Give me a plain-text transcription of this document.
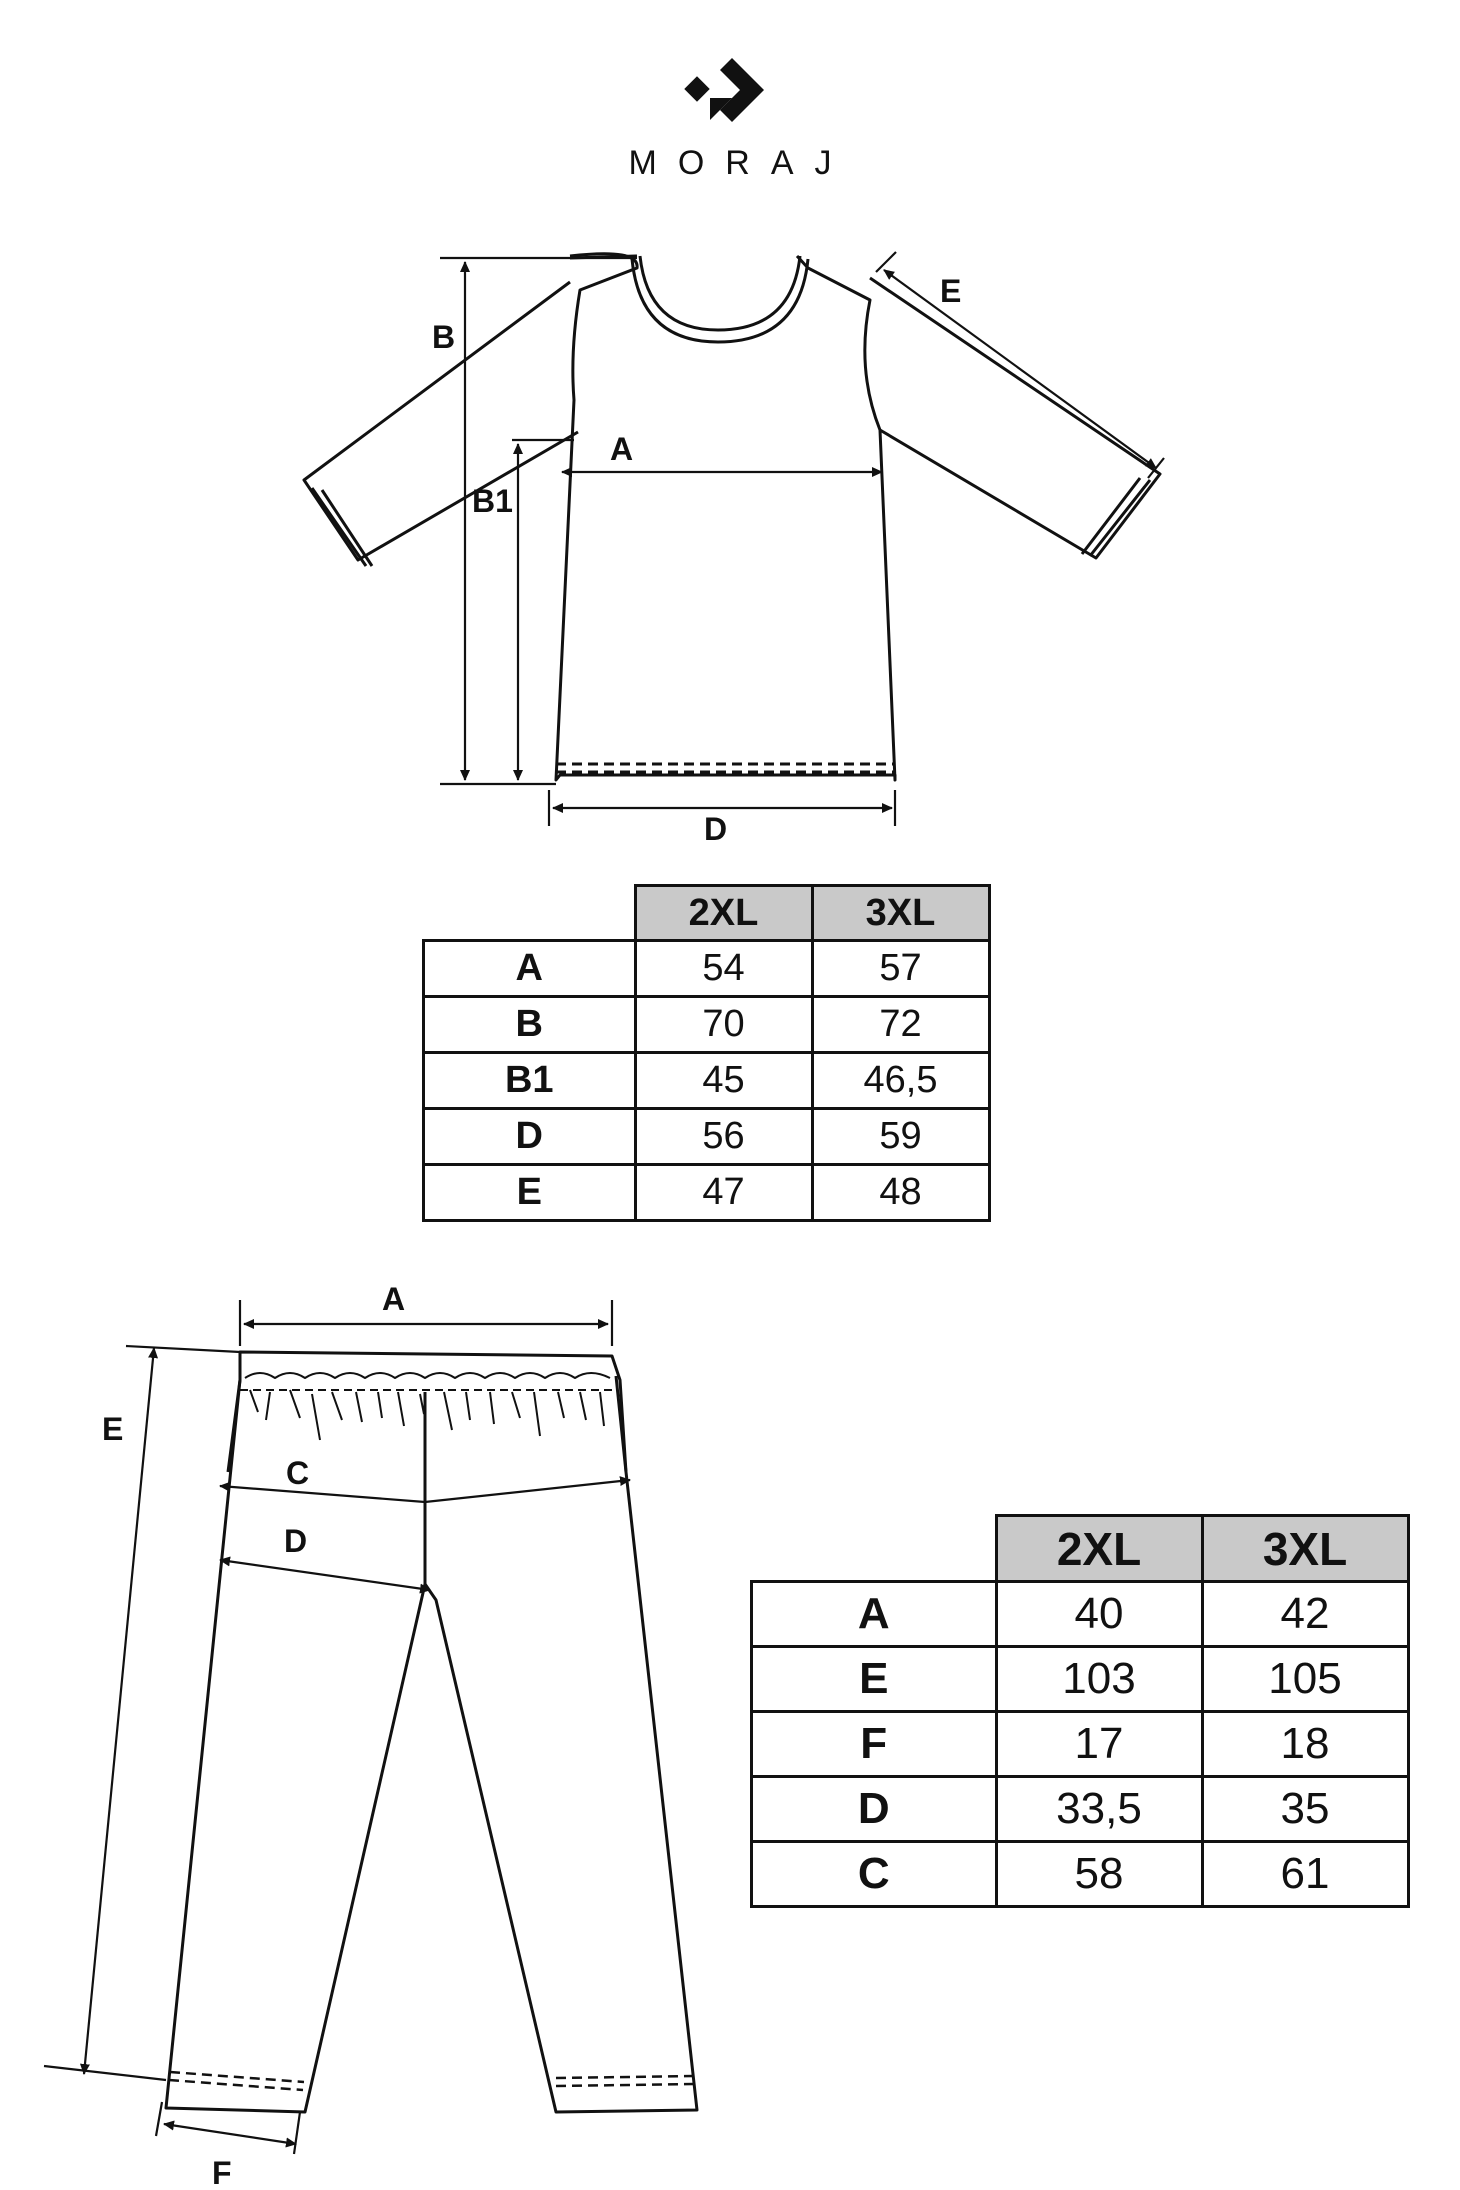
MORAJ
B
B1
A
D
E
A
E
C
D
F
	2XL	3XL
A	54	57
B	70	72
B1	45	46,5
D	56	59
E	47	48
	2XL	3XL
A	40	42
E	103	105
F	17	18
D	33,5	35
C	58	61
